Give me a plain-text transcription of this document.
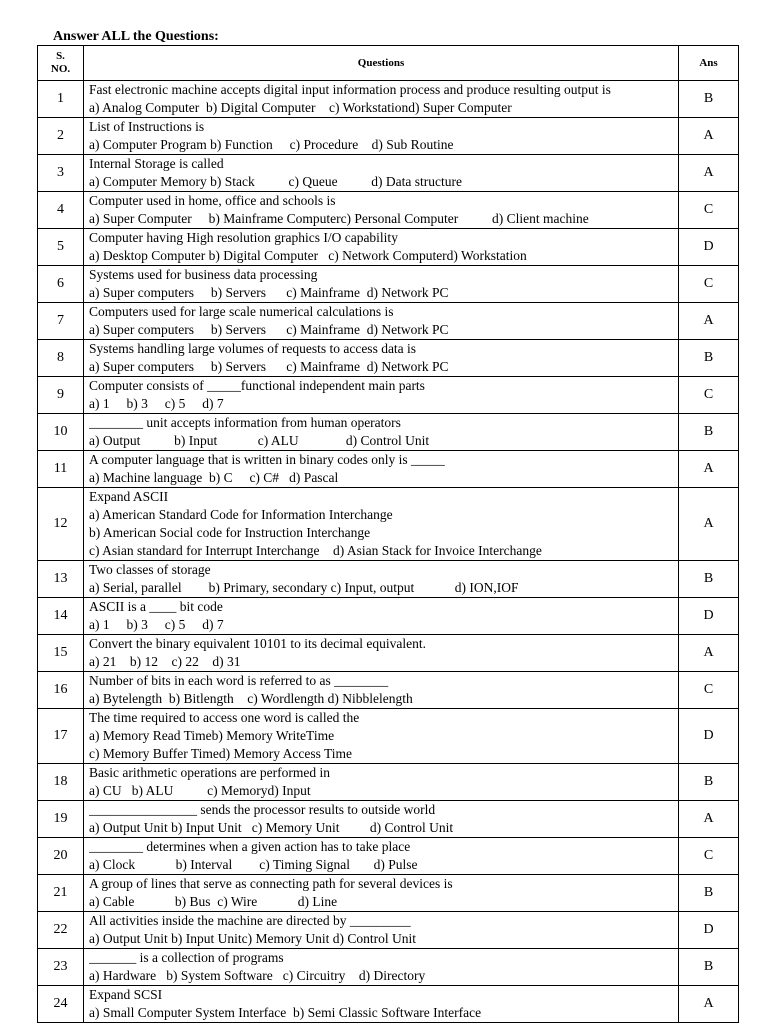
Answer ALL the Questions:
S.
NO.	Questions	Ans
1	Fast electronic machine accepts digital input information process and produce resulting output is
a) Analog Computer  b) Digital Computer    c) Workstationd) Super Computer	B
2	List of Instructions is
a) Computer Program b) Function     c) Procedure    d) Sub Routine	A
3	Internal Storage is called
a) Computer Memory b) Stack          c) Queue          d) Data structure	A
4	Computer used in home, office and schools is
a) Super Computer     b) Mainframe Computerc) Personal Computer          d) Client machine	C
5	Computer having High resolution graphics I/O capability
a) Desktop Computer b) Digital Computer   c) Network Computerd) Workstation	D
6	Systems used for business data processing
a) Super computers     b) Servers      c) Mainframe  d) Network PC	C
7	Computers used for large scale numerical calculations is
a) Super computers     b) Servers      c) Mainframe  d) Network PC	A
8	Systems handling large volumes of requests to access data is
a) Super computers     b) Servers      c) Mainframe  d) Network PC	B
9	Computer consists of _____functional independent main parts
a) 1     b) 3     c) 5     d) 7	C
10	________ unit accepts information from human operators
a) Output          b) Input            c) ALU              d) Control Unit	B
11	A computer language that is written in binary codes only is _____
a) Machine language  b) C     c) C#   d) Pascal	A
12	Expand ASCII
a) American Standard Code for Information Interchange
b) American Social code for Instruction Interchange
c) Asian standard for Interrupt Interchange    d) Asian Stack for Invoice Interchange	A
13	Two classes of storage
a) Serial, parallel        b) Primary, secondary c) Input, output            d) ION,IOF	B
14	ASCII is a ____ bit code
a) 1     b) 3     c) 5     d) 7	D
15	Convert the binary equivalent 10101 to its decimal equivalent.
a) 21    b) 12    c) 22    d) 31	A
16	Number of bits in each word is referred to as ________
a) Bytelength  b) Bitlength    c) Wordlength d) Nibblelength	C
17	The time required to access one word is called the
a) Memory Read Timeb) Memory WriteTime
c) Memory Buffer Timed) Memory Access Time	D
18	Basic arithmetic operations are performed in
a) CU   b) ALU          c) Memoryd) Input	B
19	________________ sends the processor results to outside world
a) Output Unit b) Input Unit   c) Memory Unit         d) Control Unit	A
20	________ determines when a given action has to take place
a) Clock            b) Interval        c) Timing Signal       d) Pulse	C
21	A group of lines that serve as connecting path for several devices is
a) Cable            b) Bus  c) Wire            d) Line	B
22	All activities inside the machine are directed by _________
a) Output Unit b) Input Unitc) Memory Unit d) Control Unit	D
23	_______ is a collection of programs
a) Hardware   b) System Software   c) Circuitry    d) Directory	B
24	Expand SCSI
a) Small Computer System Interface  b) Semi Classic Software Interface	A
